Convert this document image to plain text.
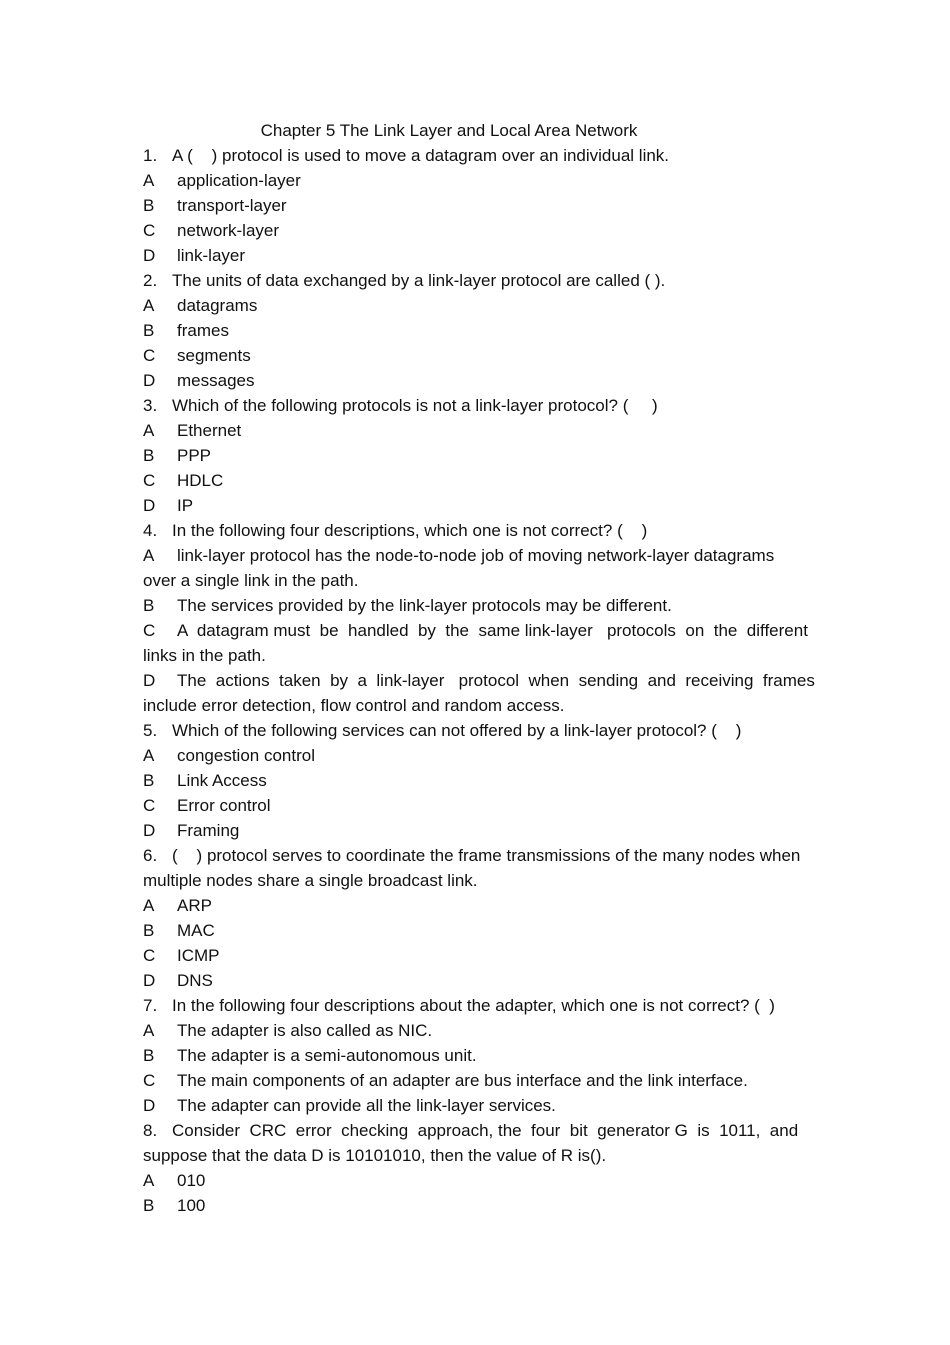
Chapter 5 The Link Layer and Local Area Network
1. A (    ) protocol is used to move a datagram over an individual link.
A	application-layer
B	transport-layer
C	network-layer
D	link-layer
2. The units of data exchanged by a link-layer protocol are called ( ).
A	datagrams
B	frames
C	segments
D	messages
3. Which of the following protocols is not a link-layer protocol? (     )
A	Ethernet
B	PPP
C	HDLC
D	IP
4. In the following four descriptions, which one is not correct? (    )
A	link-layer protocol has the node-to-node job of moving network-layer datagrams
over a single link in the path.
B	The services provided by the link-layer protocols may be different.
C	A  datagram must  be  handled  by  the  same link-layer   protocols  on  the  different
links in the path.
D	The  actions  taken  by  a  link-layer   protocol  when  sending  and  receiving  frames
include error detection, flow control and random access.
5. Which of the following services can not offered by a link-layer protocol? (    )
A	congestion control
B	Link Access
C	Error control
D	Framing
6. (    ) protocol serves to coordinate the frame transmissions of the many nodes when
multiple nodes share a single broadcast link.
A	ARP
B	MAC
C	ICMP
D	DNS
7. In the following four descriptions about the adapter, which one is not correct? (  )
A	The adapter is also called as NIC.
B	The adapter is a semi-autonomous unit.
C	The main components of an adapter are bus interface and the link interface.
D	The adapter can provide all the link-layer services.
8. Consider  CRC  error  checking  approach, the  four  bit  generator G  is  1011,  and
suppose that the data D is 10101010, then the value of R is().
A	010
B	100
